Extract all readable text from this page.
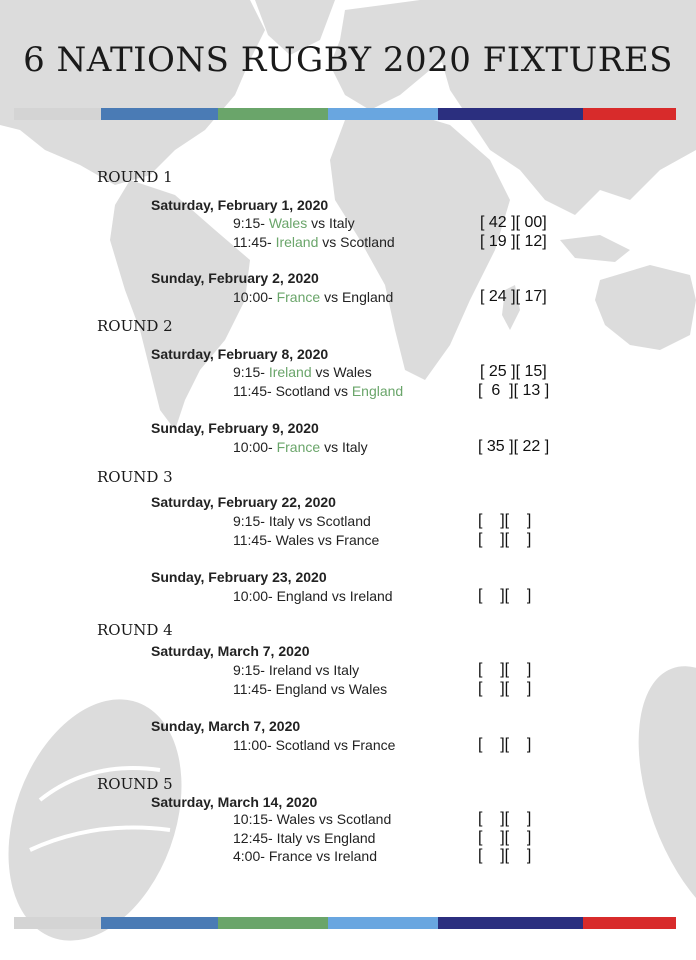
6 NATIONS RUGBY 2020 FIXTURES
ROUND 1
Saturday, February 1, 2020
9:15- Wales vs Italy	[ 42 ][ 00]
11:45- Ireland vs Scotland	[ 19 ][ 12]
Sunday, February 2, 2020
10:00- France vs England	[ 24 ][ 17]
ROUND 2
Saturday, February 8, 2020
9:15- Ireland vs Wales	[ 25 ][ 15]
11:45- Scotland vs England	[  6  ][ 13 ]
Sunday, February 9, 2020
10:00- France vs Italy	[ 35 ][ 22 ]
ROUND 3
Saturday, February 22, 2020
9:15- Italy vs Scotland	[    ][    ]
11:45- Wales vs France	[    ][    ]
Sunday, February 23, 2020
10:00- England vs Ireland	[    ][    ]
ROUND 4
Saturday, March 7, 2020
9:15- Ireland vs Italy	[    ][    ]
11:45- England vs Wales	[    ][    ]
Sunday, March 7, 2020
11:00- Scotland vs France	[    ][    ]
ROUND 5
Saturday, March 14, 2020
10:15- Wales vs Scotland	[    ][    ]
12:45- Italy vs England	[    ][    ]
4:00- France vs Ireland	[    ][    ]
